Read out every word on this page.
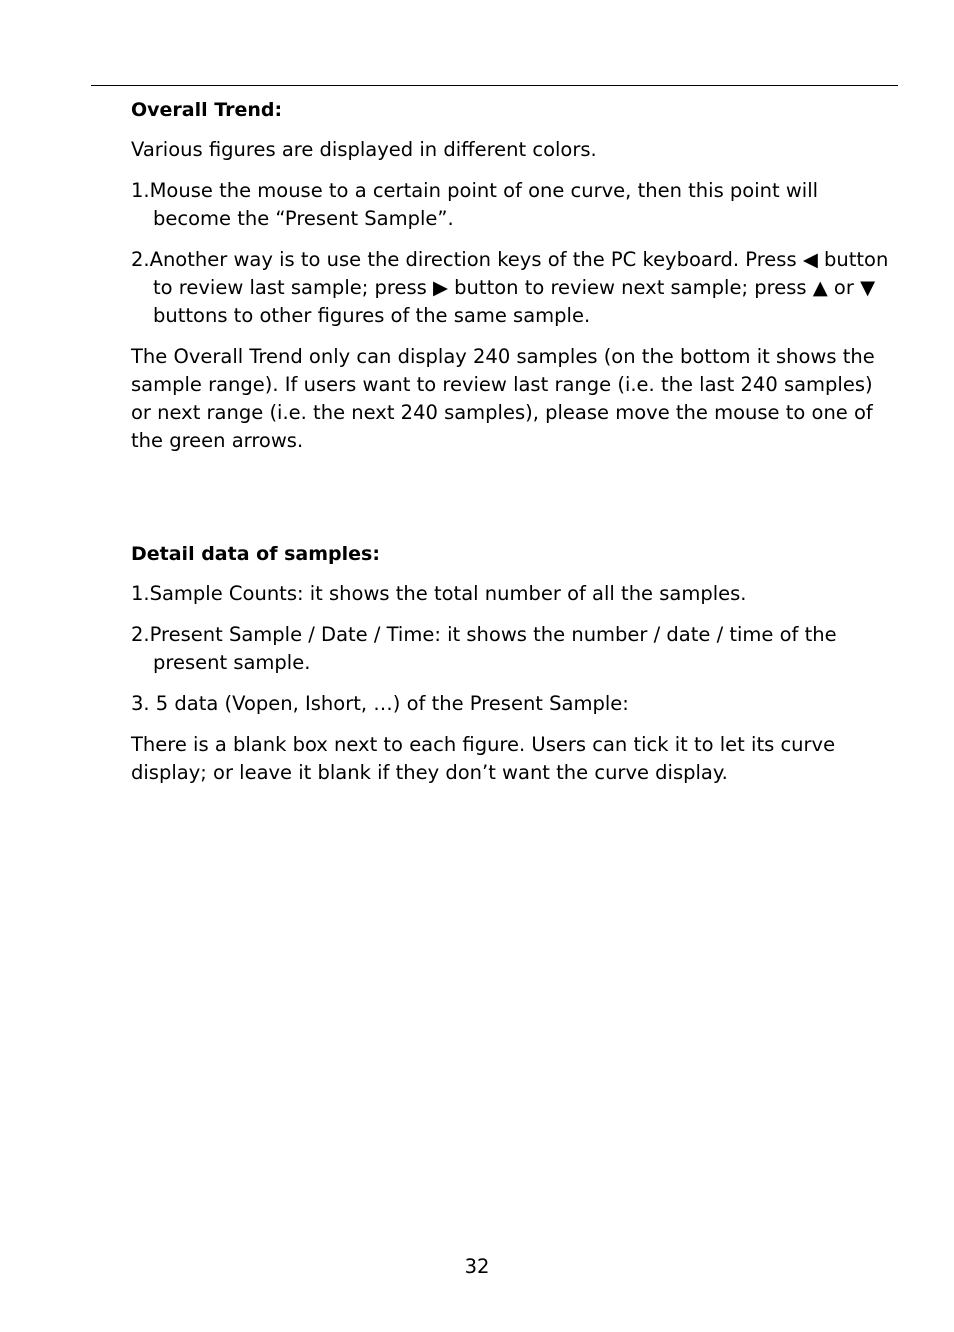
Overall Trend:

Various figures are displayed in different colors.

1.Mouse the mouse to a certain point of one curve, then this point will become the “Present Sample”.

2.Another way is to use the direction keys of the PC keyboard. Press ◀ button to review last sample; press ▶ button to review next sample; press ▲ or ▼ buttons to other figures of the same sample.

The Overall Trend only can display 240 samples (on the bottom it shows the sample range). If users want to review last range (i.e. the last 240 samples) or next range (i.e. the next 240 samples), please move the mouse to one of the green arrows.

Detail data of samples:

1.Sample Counts: it shows the total number of all the samples.

2.Present Sample / Date / Time: it shows the number / date / time of the present sample.

3. 5 data (Vopen, Ishort, …) of the Present Sample:

There is a blank box next to each figure. Users can tick it to let its curve display; or leave it blank if they don’t want the curve display.

32
